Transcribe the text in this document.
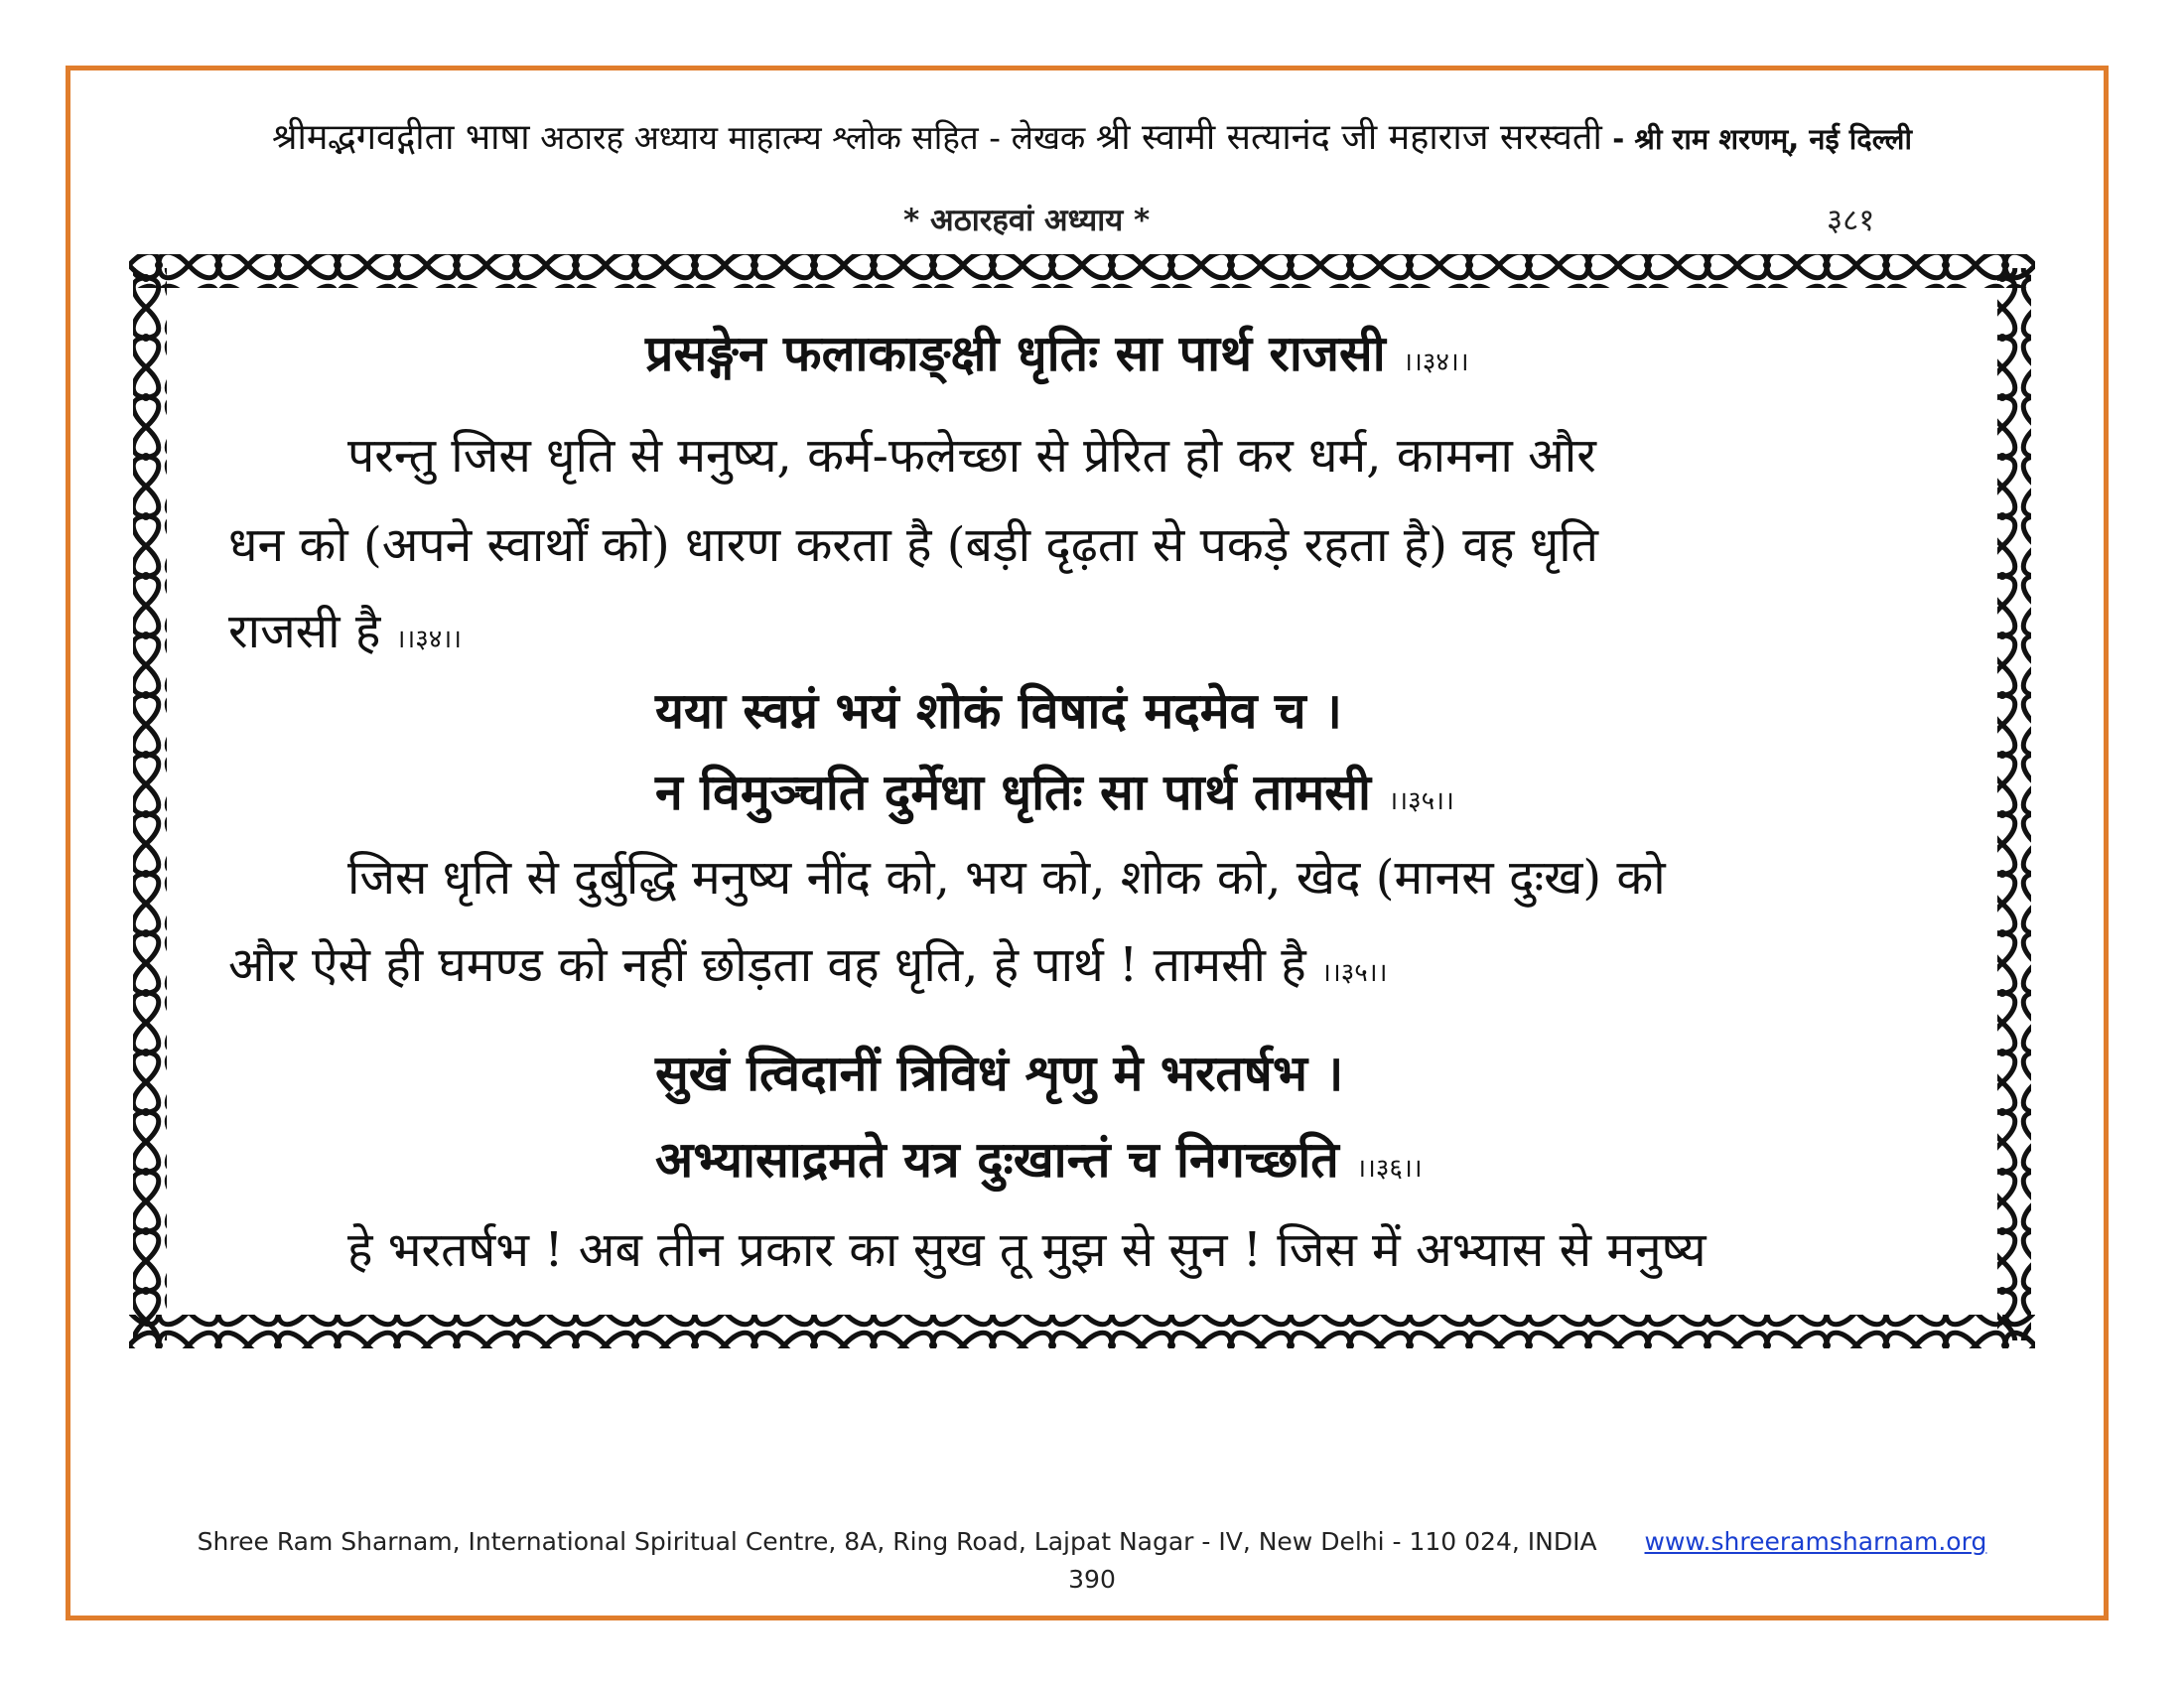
श्रीमद्भगवद्गीता भाषा अठारह अध्याय माहात्म्य श्लोक सहित - लेखक श्री स्वामी सत्यानंद जी महाराज सरस्वती - श्री राम शरणम्, नई दिल्ली
* अठारहवां अध्याय *	३८१
प्रसङ्गेन फलाकाङ्क्षी धृतिः सा पार्थ राजसी ।।३४।।
परन्तु जिस धृति से मनुष्य, कर्म-फलेच्छा से प्रेरित हो कर धर्म, कामना और
धन को (अपने स्वार्थों को) धारण करता है (बड़ी दृढ़ता से पकड़े रहता है) वह धृति
राजसी है ।।३४।।
यया स्वप्नं भयं शोकं विषादं मदमेव च ।
न विमुञ्चति दुर्मेधा धृतिः सा पार्थ तामसी ।।३५।।
जिस धृति से दुर्बुद्धि मनुष्य नींद को, भय को, शोक को, खेद (मानस दुःख) को
और ऐसे ही घमण्ड को नहीं छोड़ता वह धृति, हे पार्थ ! तामसी है ।।३५।।
सुखं त्विदानीं त्रिविधं शृणु मे भरतर्षभ ।
अभ्यासाद्रमते यत्र दुःखान्तं च निगच्छति ।।३६।।
हे भरतर्षभ ! अब तीन प्रकार का सुख तू मुझ से सुन ! जिस में अभ्यास से मनुष्य
Shree Ram Sharnam, International Spiritual Centre, 8A, Ring Road, Lajpat Nagar - IV, New Delhi - 110 024, INDIA www.shreeramsharnam.org
390
